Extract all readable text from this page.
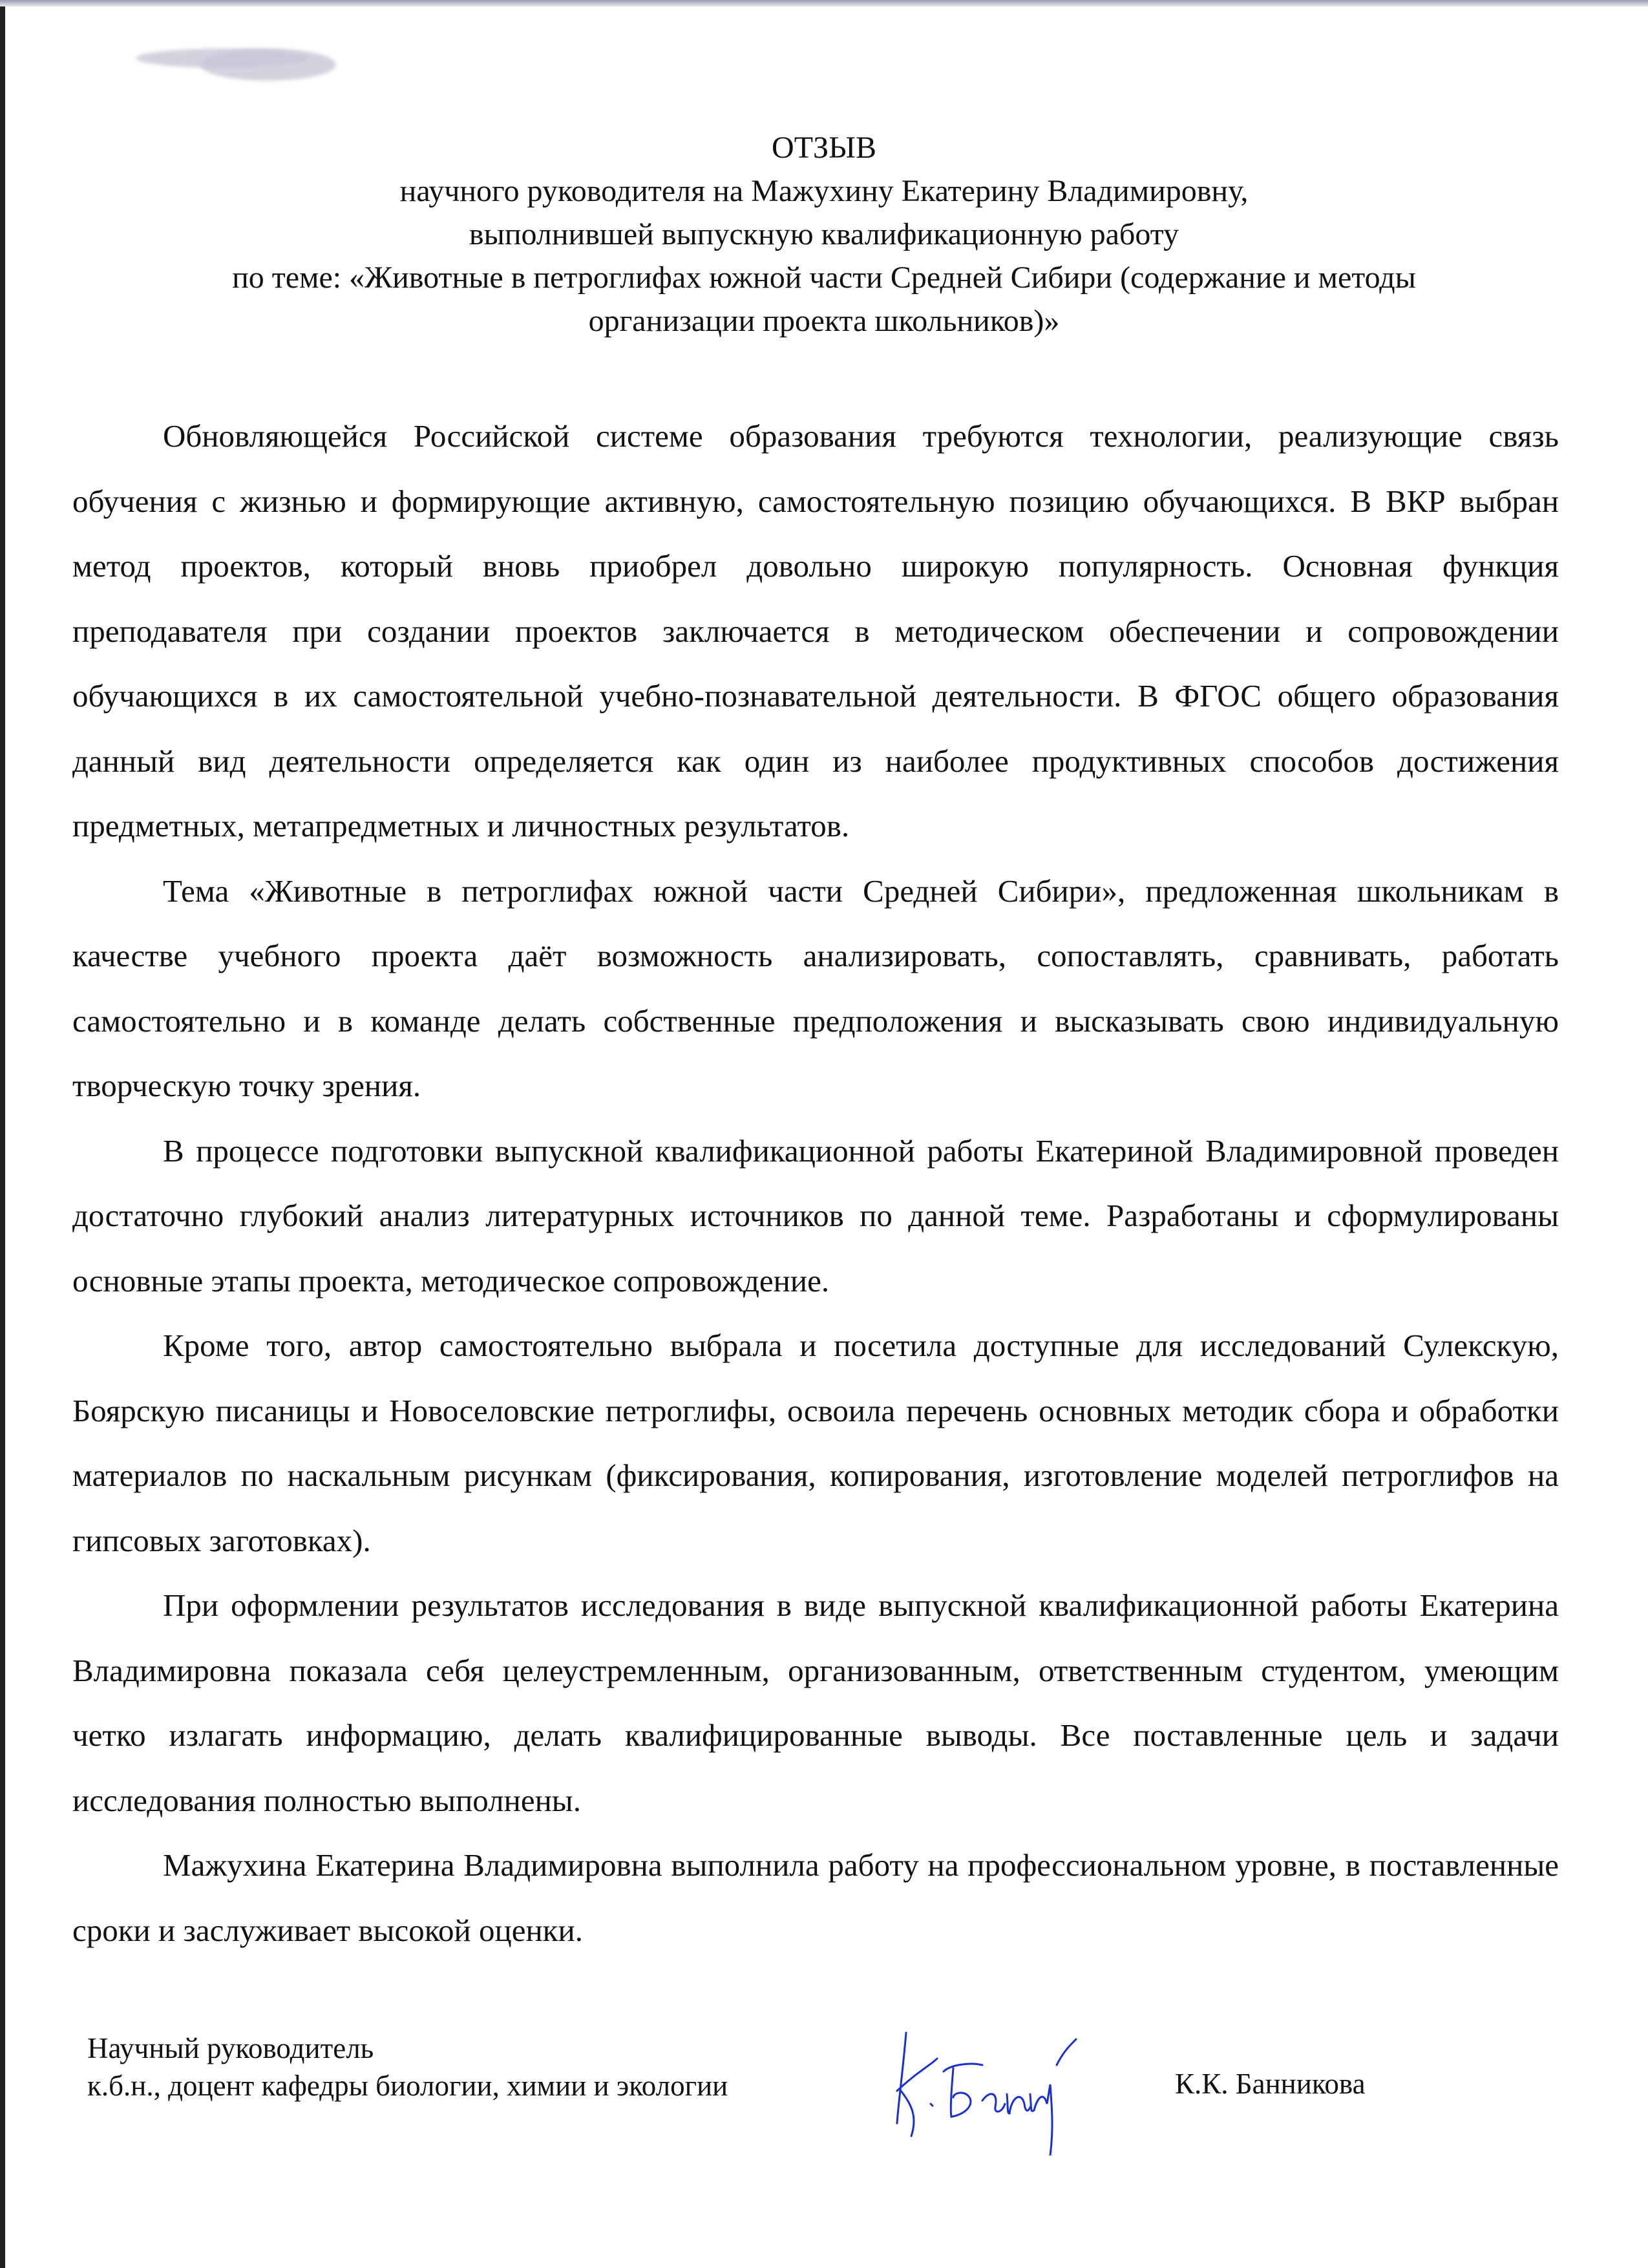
ОТЗЫВ
научного руководителя на Мажухину Екатерину Владимировну,
выполнившей выпускную квалификационную работу
по теме: «Животные в петроглифах южной части Средней Сибири (содержание и методы
организации проекта школьников)»

Обновляющейся Российской системе образования требуются технологии, реализующие связь обучения с жизнью и формирующие активную, самостоятельную позицию обучающихся. В ВКР выбран метод проектов, который вновь приобрел довольно широкую популярность. Основная функция преподавателя при создании проектов заключается в методическом обеспечении и сопровождении обучающихся в их самостоятельной учебно-познавательной деятельности. В ФГОС общего образования данный вид деятельности определяется как один из наиболее продуктивных способов достижения предметных, метапредметных и личностных результатов.

Тема «Животные в петроглифах южной части Средней Сибири», предложенная школьникам в качестве учебного проекта даёт возможность анализировать, сопоставлять, сравнивать, работать самостоятельно и в команде делать собственные предположения и высказывать свою индивидуальную творческую точку зрения.

В процессе подготовки выпускной квалификационной работы Екатериной Владимировной проведен достаточно глубокий анализ литературных источников по данной теме. Разработаны и сформулированы основные этапы проекта, методическое сопровождение.

Кроме того, автор самостоятельно выбрала и посетила доступные для исследований Сулекскую, Боярскую писаницы и Новоселовские петроглифы, освоила перечень основных методик сбора и обработки материалов по наскальным рисункам (фиксирования, копирования, изготовление моделей петроглифов на гипсовых заготовках).

При оформлении результатов исследования в виде выпускной квалификационной работы Екатерина Владимировна показала себя целеустремленным, организованным, ответственным студентом, умеющим четко излагать информацию, делать квалифицированные выводы. Все поставленные цель и задачи исследования полностью выполнены.

Мажухина Екатерина Владимировна выполнила работу на профессиональном уровне, в поставленные сроки и заслуживает высокой оценки.

Научный руководитель
к.б.н., доцент кафедры биологии, химии и экологии	К.К. Банникова
